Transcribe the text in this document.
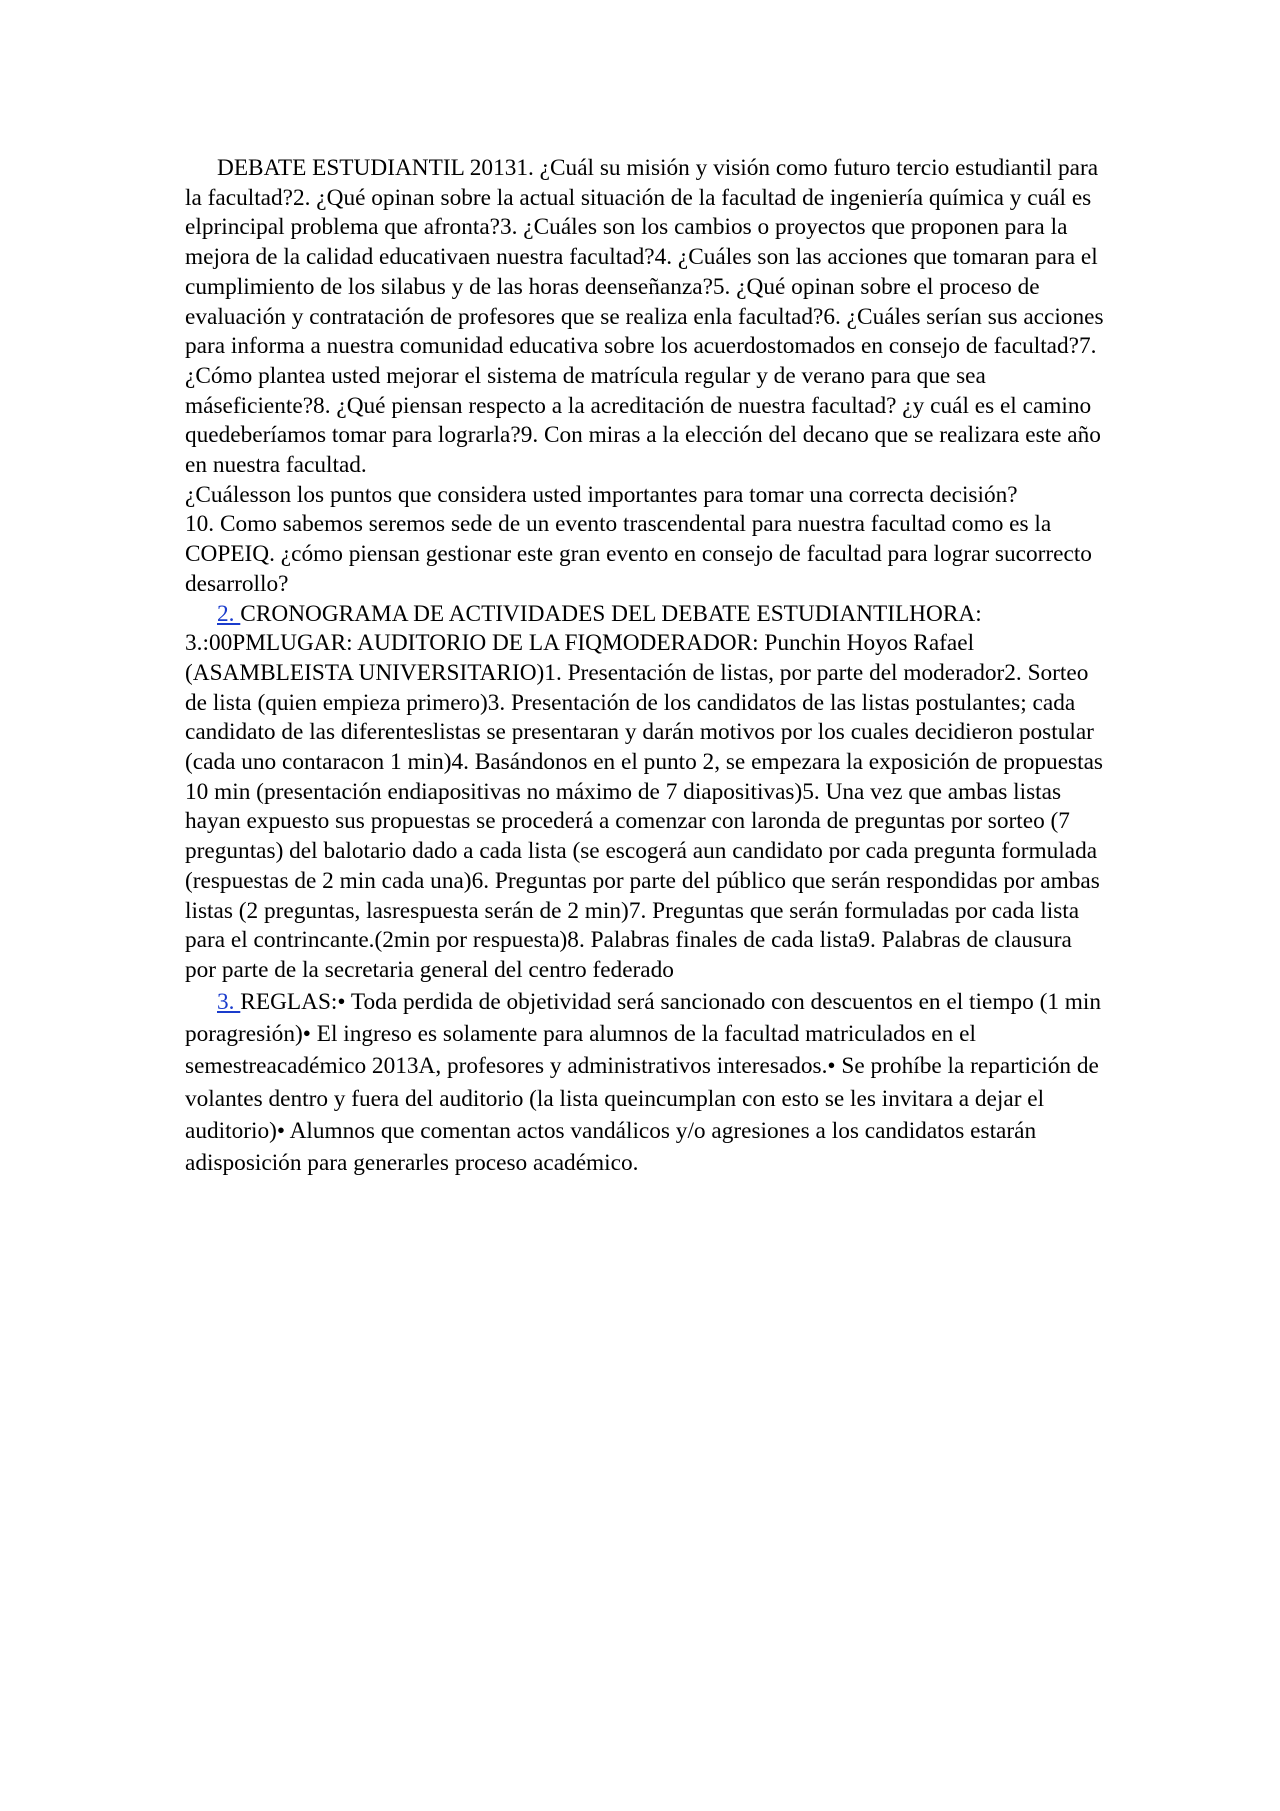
DEBATE ESTUDIANTIL 20131. ¿Cuál su misión y visión como futuro tercio estudiantil para la facultad?2. ¿Qué opinan sobre la actual situación de la facultad de ingeniería química y cuál es elprincipal problema que afronta?3. ¿Cuáles son los cambios o proyectos que proponen para la mejora de la calidad educativaen nuestra facultad?4. ¿Cuáles son las acciones que tomaran para el cumplimiento de los silabus y de las horas deenseñanza?5. ¿Qué opinan sobre el proceso de evaluación y contratación de profesores que se realiza enla facultad?6. ¿Cuáles serían sus acciones para informa a nuestra comunidad educativa sobre los acuerdostomados en consejo de facultad?7. ¿Cómo plantea usted mejorar el sistema de matrícula regular y de verano para que sea máseficiente?8. ¿Qué piensan respecto a la acreditación de nuestra facultad? ¿y cuál es el camino quedeberíamos tomar para lograrla?9. Con miras a la elección del decano que se realizara este año en nuestra facultad.

¿Cuálesson los puntos que considera usted importantes para tomar una correcta decisión?

10. Como sabemos seremos sede de un evento trascendental para nuestra facultad como es la COPEIQ. ¿cómo piensan gestionar este gran evento en consejo de facultad para lograr sucorrecto desarrollo?

2. CRONOGRAMA DE ACTIVIDADES DEL DEBATE ESTUDIANTILHORA: 3.:00PMLUGAR: AUDITORIO DE LA FIQMODERADOR: Punchin Hoyos Rafael (ASAMBLEISTA UNIVERSITARIO)1. Presentación de listas, por parte del moderador2. Sorteo de lista (quien empieza primero)3. Presentación de los candidatos de las listas postulantes; cada candidato de las diferenteslistas se presentaran y darán motivos por los cuales decidieron postular (cada uno contaracon 1 min)4. Basándonos en el punto 2, se empezara la exposición de propuestas 10 min (presentación endiapositivas no máximo de 7 diapositivas)5. Una vez que ambas listas hayan expuesto sus propuestas se procederá a comenzar con laronda de preguntas por sorteo (7 preguntas) del balotario dado a cada lista (se escogerá aun candidato por cada pregunta formulada (respuestas de 2 min cada una)6. Preguntas por parte del público que serán respondidas por ambas listas (2 preguntas, lasrespuesta serán de 2 min)7. Preguntas que serán formuladas por cada lista para el contrincante.(2min por respuesta)8. Palabras finales de cada lista9. Palabras de clausura por parte de la secretaria general del centro federado

3. REGLAS:• Toda perdida de objetividad será sancionado con descuentos en el tiempo (1 min poragresión)• El ingreso es solamente para alumnos de la facultad matriculados en el semestreacadémico 2013A, profesores y administrativos interesados.• Se prohíbe la repartición de volantes dentro y fuera del auditorio (la lista queincumplan con esto se les invitara a dejar el auditorio)• Alumnos que comentan actos vandálicos y/o agresiones a los candidatos estarán adisposición para generarles proceso académico.
